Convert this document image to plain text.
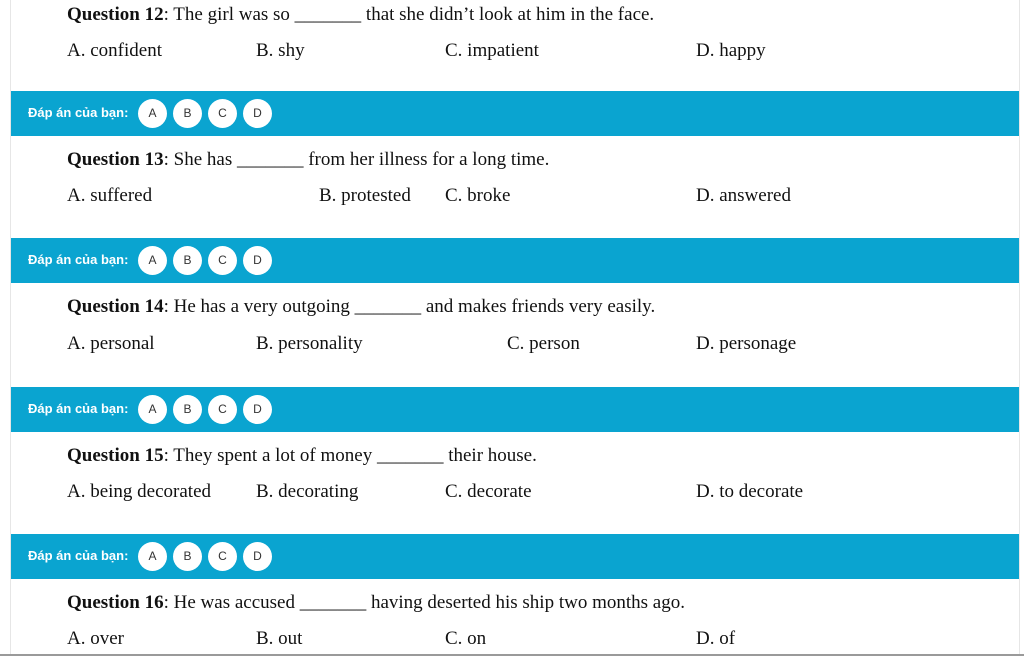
Question 12: The girl was so _______ that she didn’t look at him in the face.
A. confident	B. shy	C. impatient	D. happy
Đáp án của bạn:	A	B	C	D
Question 13: She has _______ from her illness for a long time.
A. suffered	B. protested C. broke	D. answered
Đáp án của bạn:	A	B	C	D
Question 14: He has a very outgoing _______ and makes friends very easily.
A. personal	B. personality	C. person	D. personage
Đáp án của bạn:	A	B	C	D
Question 15: They spent a lot of money _______ their house.
A. being decorated B. decorating	C. decorate	D. to decorate
Đáp án của bạn:	A	B	C	D
Question 16: He was accused _______ having deserted his ship two months ago.
A. over	B. out	C. on	D. of
